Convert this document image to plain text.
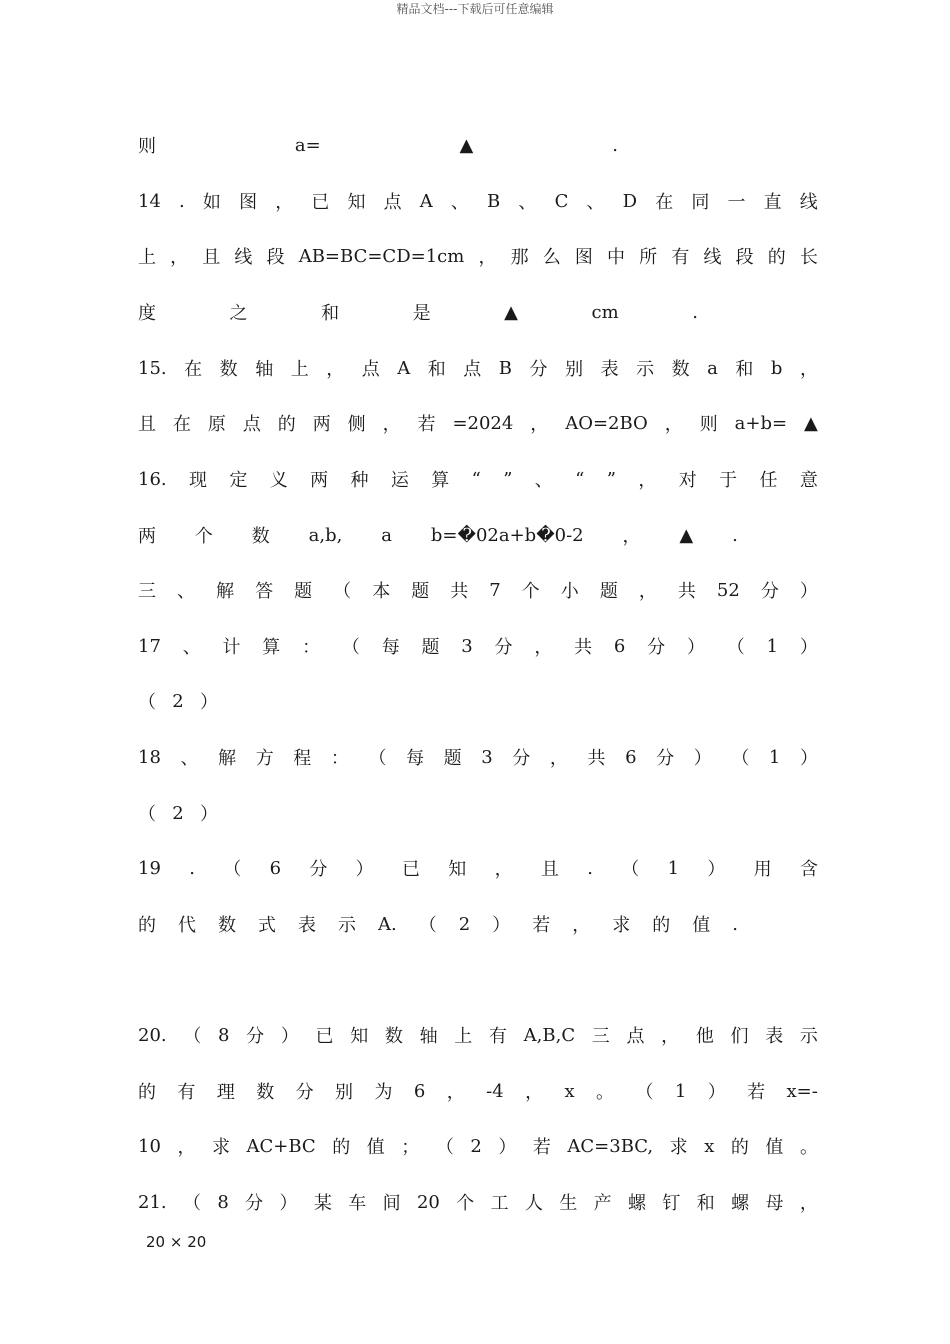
精品文档---下载后可任意编辑
则	a=	▲	.
14 . 如 图 ， 已 知 点 A 、 B 、 C 、 D 在 同 一 直 线
上 ， 且 线 段 AB=BC=CD=1cm ， 那 么 图 中 所 有 线 段 的 长
度	之	和	是	▲	cm	.
15. 在 数 轴 上 ， 点 A 和 点 B 分 别 表 示 数 a 和 b ，
且 在 原 点 的 两 侧 ， 若 =2024 ， AO=2BO ， 则 a+b= ▲
16. 现 定 义 两 种 运 算 “ ” 、 “ ” ， 对 于 任 意
两 个 数 a,b, a b=�02a+b�0-2 ， ▲ .
三 、 解 答 题 （ 本 题 共 7 个 小 题 ， 共 52 分 ）
17 、 计 算 ： （ 每 题 3 分 ， 共 6 分 ） （ 1 ）
（ 2 ）
18 、 解 方 程 ： （ 每 题 3 分 ， 共 6 分 ） （ 1 ）
（ 2 ）
19 . （ 6 分 ） 已 知 ， 且 . （ 1 ） 用 含
的 代 数 式 表 示 A. （ 2 ） 若 ， 求 的 值 .
20. （ 8 分 ） 已 知 数 轴 上 有 A,B,C 三 点 ， 他 们 表 示
的 有 理 数 分 别 为 6 ， -4 ， x 。 （ 1 ） 若 x=-
10 ， 求 AC+BC 的 值 ； （ 2 ） 若 AC=3BC, 求 x 的 值 。
21. （ 8 分 ） 某 车 间 20 个 工 人 生 产 螺 钉 和 螺 母 ，
20 × 20
